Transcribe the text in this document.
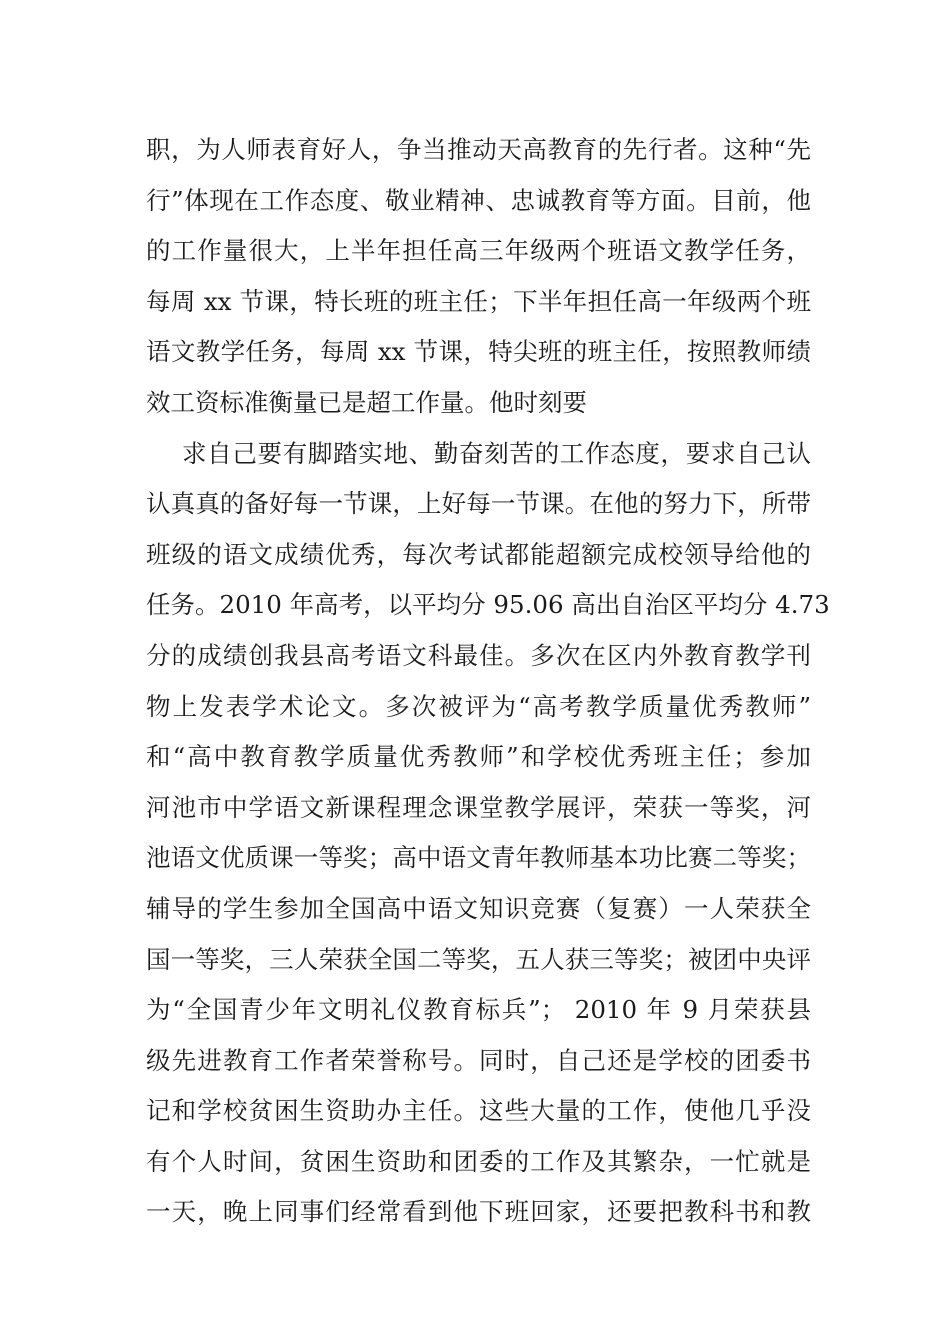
职，为人师表育好人，争当推动天高教育的先行者。这种“先
行”体现在工作态度、敬业精神、忠诚教育等方面。目前，他
的工作量很大，上半年担任高三年级两个班语文教学任务，
每周 xx 节课，特长班的班主任；下半年担任高一年级两个班
语文教学任务，每周 xx 节课，特尖班的班主任，按照教师绩
效工资标准衡量已是超工作量。他时刻要
求自己要有脚踏实地、勤奋刻苦的工作态度，要求自己认
认真真的备好每一节课，上好每一节课。在他的努力下，所带
班级的语文成绩优秀，每次考试都能超额完成校领导给他的
任务。2010 年高考，以平均分 95.06 高出自治区平均分 4.73
分的成绩创我县高考语文科最佳。多次在区内外教育教学刊
物上发表学术论文。多次被评为“高考教学质量优秀教师”
和“高中教育教学质量优秀教师”和学校优秀班主任；参加
河池市中学语文新课程理念课堂教学展评，荣获一等奖，河
池语文优质课一等奖；高中语文青年教师基本功比赛二等奖；
辅导的学生参加全国高中语文知识竞赛（复赛）一人荣获全
国一等奖，三人荣获全国二等奖，五人获三等奖；被团中央评
为“全国青少年文明礼仪教育标兵”； 2010 年 9 月荣获县
级先进教育工作者荣誉称号。同时，自己还是学校的团委书
记和学校贫困生资助办主任。这些大量的工作，使他几乎没
有个人时间，贫困生资助和团委的工作及其繁杂，一忙就是
一天，晚上同事们经常看到他下班回家，还要把教科书和教
